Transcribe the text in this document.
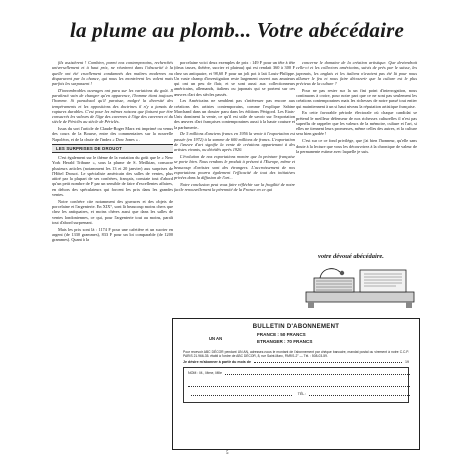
la plume au plomb... Votre abécédaire

fils assistèrent ! Combien, parmi nos contemporains, recherchés universellement et à haut prix, ne réunirent dans l'obscurité à la quelle ont été cruellement condamnés des maîtres modernes ou disparurent par la chance, qui nous les montrèrent les valent mais parfois les surpassent !

D'innombrables ouvrages ont paru sur les variations du goût. Il paraîtrait vain de changer qu'en apparence, l'homme étant toujours l'homme. Si paradoxal qu'il paraisse, malgré la diversité des tempéraments et les oppositions des doctrines il n'y a jamais de ruptures durables. C'est pour les mêmes raisons que fiaisent par être consacrés les valeurs de l'âge des cavernes à l'âge des cavernes et du siècle de Périclès au siècle de Périclès.

Issus du sort l'article de Claude-Roger Marx est imprimé ou venus des cours de la Bourse, entre des commentaires sur la nouvelle Napoléon, et de la chute de l'index « Dow Jones » .

LES SURPRISES DE DROUOT

C'est également sur le thème de la variation du goût que le « New York Herald Tribune », sous la plume de S. Meilkian, consacre plusieurs articles (notamment les 13 et 20 janvier) aux surprises de l'Hôtel Drouot. Le spécialiste américain des salles de ventes, plus attiré par la plupart de ses confrères, français, constate tout d'abord qu'un petit nombre de F par un sensible de faire d'excellentes affaires, en dehors des spéculateurs qui forcent les prix dans les grandes ventes.

Notre confrère cite notamment des gravures et des objets de porcelaine et l'argenterie. En XIX°, sont là beaucoup moins chers que chez les antiquaires, et moins chères aussi que dans les salles de ventes londoniennes, ce qui, pour l'argenterie tout au moins, paraît tout d'abord surprenant.

Mais les prix sont là : 1174 F pour une cafetière et un sucrier en argent (de 1330 grammes), 833 F pour un lot comparable (de 1200 grammes). Quant à la

porcelaine voici deux exemples de prix : 149 F pour un tête à tête (deux tasses, théière, sucrier et plateau) qui est rendait 360 à 300 F chez un antiquaire, et 98,60 F pour un joli pot à lait Louis-Philippe. Un vaste champ d'investigation reste largement ouvert aux amateurs qui ont un peu de flair, et se sont aussi aux collectionneurs américains, allemands, italiens ou japonais qui se portent sur ces œuvres d'art des siècles passés.

Les Américains ne semblent pas s'intéresser pas encore aux créations des artistes contemporains, comme l'explique Sabine Marchand dans un dossier paru dans les éditions Périgord. Les Etats-Unis dominent la vente, ce qu'il est utile de savoir sur l'exportation des œuvres d'art françaises contemporaines aussi à la haute couture et la parfumerie..

De 5 millions d'anciens francs en 1956 la vente à l'exportation est passée (en 1972) à la somme de 600 millions de francs. L'exportation de l'œuvre d'art signifie la vente de créations appartenant à des artistes vivants, ou décédés après 1920.

L'évolution de nos exportations montre que la peinture française se porte bien. Nous rendons le produit à présent à l'Europe, même et beaucoup d'artistes sont des étrangers. L'accroissement de nos exportations pourra également l'efficacité de tout des initiatives privées dans la diffusion de l'art...

Notre conclusion peut vous faire réfléchir sur la fragilité de notre facile renouvellement la pérennité de la France en ce qui

concerne le domaine de la création artistique. Que deviendrait celle-ci et les collectors américains, suivis de près par le suisse, les japonais, les anglais et les italiens n'avaient pas été là pour nous allumer le feu et nous faire découvrir que la culture est le plus précieux de la culture ?

Pour ne pas rester sur la un fini point d'interrogation, nous continuons à croire, pour notre part que ce ne sont pas seulement les créations contemporaines mais les richesses de notre passé tout entier qui maintiennent à un si haut niveau la réputation artistique française.

En cette favorable période électorale où chaque candidat se prétend le meilleur défenseur de nos richesses culturelles il n'est pas superflu de rappeler que les valeurs de la mémoire, culture et l'art, si elles ne tiennent leurs promesses, même celles des autres, et la culture sera bien gardée !

C'est sur ce ce fond privilège, que j'ai bien l'honneur, qu'elle sans doute à la lecture que vous les découvrirez à la chronique de valeur de la permanente estime avec laquelle je suis.

votre dévoué abécédaire.
BULLETIN D'ABONNEMENT
UN AN
FRANCE : 50 FRANCS
ETRANGER : 70 FRANCS
Pour recevoir ABC DÉCOR pendant UN AN, adressez-nous le montant de l'abonnement par chèque bancaire, mandat postal ou virement à notre C.C.P. PARIS 21.966-35. établi à l'ordre de ABC DÉCOR, 8, rue Saint-Marc, PARIS-2° — Tél. : 508-03-59.
Je désire m'abonner à partir du mois de	19
NOM : M., Mme, Mlle
TÉL :
5
